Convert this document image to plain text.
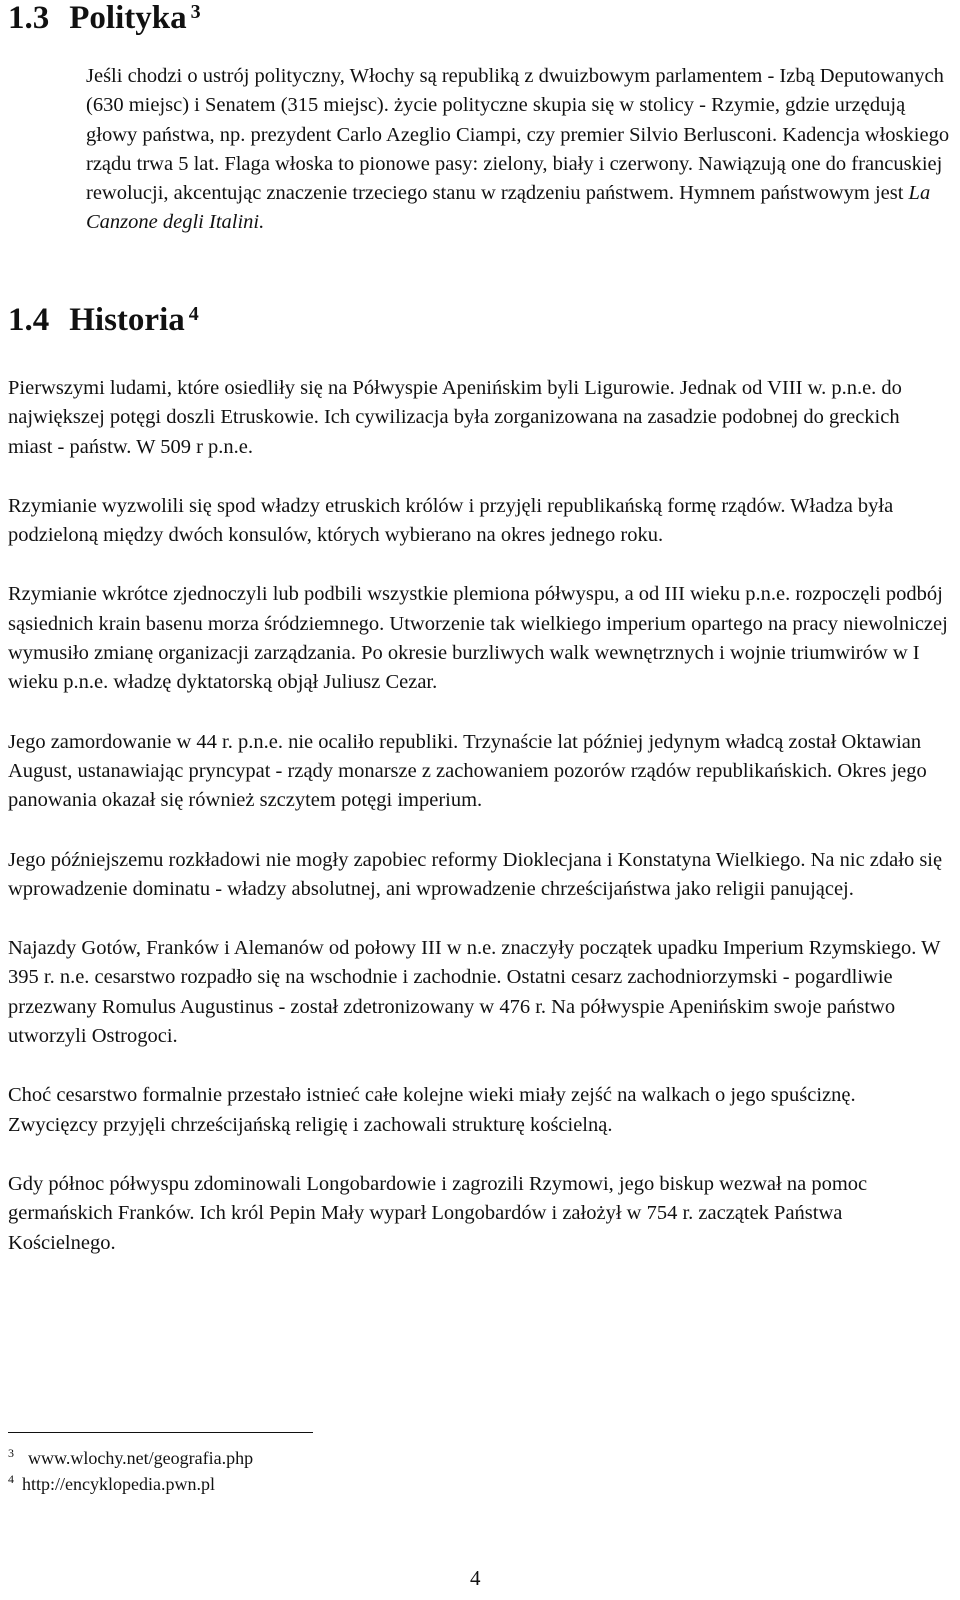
1.3 Polityka $^3$

Jeśli chodzi o ustrój polityczny, Włochy są republiką z dwuizbowym parlamentem - Izbą Deputowanych (630 miejsc) i Senatem (315 miejsc). życie polityczne skupia się w stolicy - Rzymie, gdzie urzędują głowy państwa, np. prezydent Carlo Azeglio Ciampi, czy premier Silvio Berlusconi. Kadencja włoskiego rządu trwa 5 lat. Flaga włoska to pionowe pasy: zielony, biały i czerwony. Nawiązują one do francuskiej rewolucji, akcentując znaczenie trzeciego stanu w rządzeniu państwem. Hymnem państwowym jest La Canzone degli Italini.

1.4 Historia $^4$

Pierwszymi ludami, które osiedliły się na Półwyspie Apenińskim byli Ligurowie. Jednak od VIII w. p.n.e. do największej potęgi doszli Etruskowie. Ich cywilizacja była zorganizowana na zasadzie podobnej do greckich miast - państw. W 509 r p.n.e.

Rzymianie wyzwolili się spod władzy etruskich królów i przyjęli republikańską formę rządów. Władza była podzieloną między dwóch konsulów, których wybierano na okres jednego roku.

Rzymianie wkrótce zjednoczyli lub podbili wszystkie plemiona półwyspu, a od III wieku p.n.e. rozpoczęli podbój sąsiednich krain basenu morza śródziemnego. Utworzenie tak wielkiego imperium opartego na pracy niewolniczej wymusiło zmianę organizacji zarządzania. Po okresie burzliwych walk wewnętrznych i wojnie triumwirów w I wieku p.n.e. władzę dyktatorską objął Juliusz Cezar.

Jego zamordowanie w 44 r. p.n.e. nie ocaliło republiki. Trzynaście lat później jedynym władcą został Oktawian August, ustanawiając pryncypat - rządy monarsze z zachowaniem pozorów rządów republikańskich. Okres jego panowania okazał się również szczytem potęgi imperium.

Jego późniejszemu rozkładowi nie mogły zapobiec reformy Dioklecjana i Konstatyna Wielkiego. Na nic zdało się wprowadzenie dominatu - władzy absolutnej, ani wprowadzenie chrześcijaństwa jako religii panującej.

Najazdy Gotów, Franków i Alemanów od połowy III w n.e. znaczyły początek upadku Imperium Rzymskiego. W 395 r. n.e. cesarstwo rozpadło się na wschodnie i zachodnie. Ostatni cesarz zachodniorzymski - pogardliwie przezwany Romulus Augustinus - został zdetronizowany w 476 r. Na półwyspie Apenińskim swoje państwo utworzyli Ostrogoci.

Choć cesarstwo formalnie przestało istnieć całe kolejne wieki miały zejść na walkach o jego spuściznę. Zwycięzcy przyjęli chrześcijańską religię i zachowali strukturę kościelną.

Gdy północ półwyspu zdominowali Longobardowie i zagrozili Rzymowi, jego biskup wezwał na pomoc germańskich Franków. Ich król Pepin Mały wyparł Longobardów i założył w 754 r. zaczątek Państwa Kościelnego.

$^3$ www.wlochy.net/geografia.php
$^4$ http://encyklopedia.pwn.pl
4
